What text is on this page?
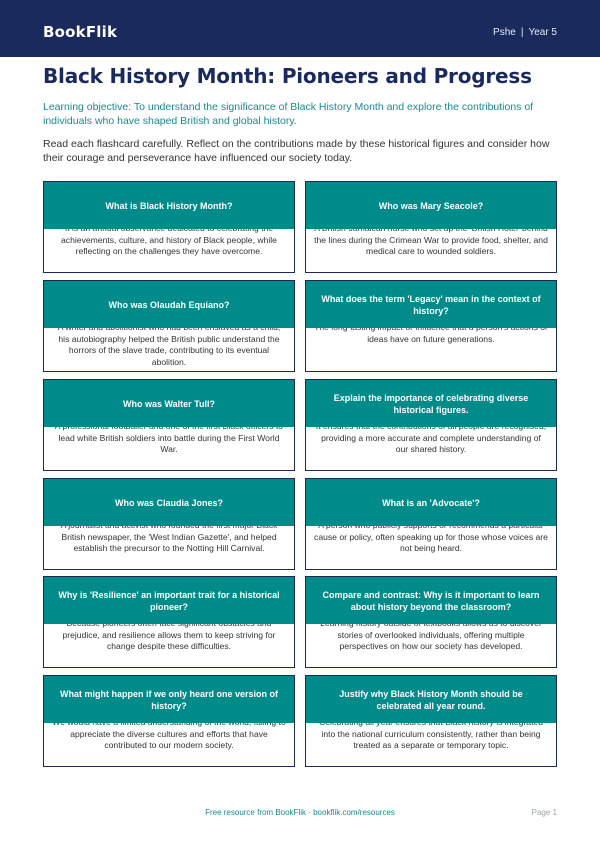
BookFlik	Pshe | Year 5
Black History Month: Pioneers and Progress
Learning objective: To understand the significance of Black History Month and explore the contributions of individuals who have shaped British and global history.
Read each flashcard carefully. Reflect on the contributions made by these historical figures and consider how their courage and perseverance have influenced our society today.
achievements, culture, and history of Black people, while reflecting on the challenges they have overcome.
What is Black History Month?
the lines during the Crimean War to provide food, shelter, and medical care to wounded soldiers.
Who was Mary Seacole?
his autobiography helped the British public understand the horrors of the slave trade, contributing to its eventual abolition.
Who was Olaudah Equiano?
ideas have on future generations.
What does the term 'Legacy' mean in the context of history?
lead white British soldiers into battle during the First World War.
Who was Walter Tull?
providing a more accurate and complete understanding of our shared history.
Explain the importance of celebrating diverse historical figures.
British newspaper, the 'West Indian Gazette', and helped establish the precursor to the Notting Hill Carnival.
Who was Claudia Jones?
cause or policy, often speaking up for those whose voices are not being heard.
What is an 'Advocate'?
prejudice, and resilience allows them to keep striving for change despite these difficulties.
Why is 'Resilience' an important trait for a historical pioneer?
stories of overlooked individuals, offering multiple perspectives on how our society has developed.
Compare and contrast: Why is it important to learn about history beyond the classroom?
appreciate the diverse cultures and efforts that have contributed to our modern society.
What might happen if we only heard one version of history?
into the national curriculum consistently, rather than being treated as a separate or temporary topic.
Justify why Black History Month should be celebrated all year round.
Free resource from BookFlik · bookflik.com/resources	Page 1
